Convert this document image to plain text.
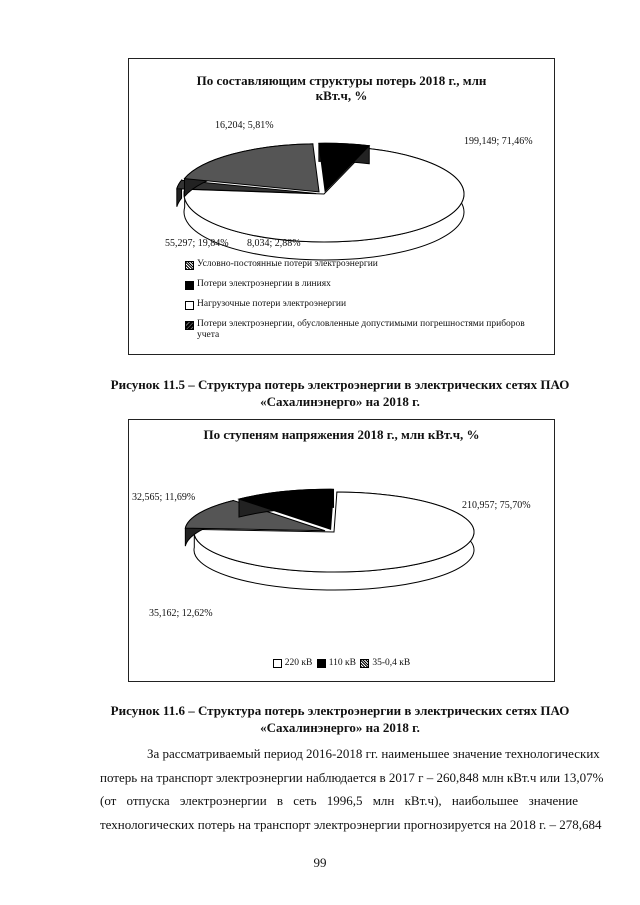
По составляющим структуры потерь 2018 г., млн кВт.ч, %
199,149; 71,46%
8,034; 2,88%
55,297; 19,84%
16,204; 5,81%
Условно-постоянные потери электроэнергии
Потери электроэнергии в линиях
Нагрузочные потери электроэнергии
Потери электроэнергии, обусловленные допустимыми погрешностями приборов учета
Рисунок 11.5 – Структура потерь электроэнергии в электрических сетях ПАО «Сахалинэнерго» на 2018 г.
По ступеням напряжения 2018 г., млн кВт.ч, %
210,957; 75,70%
35,162; 12,62%
32,565; 11,69%
220 кВ
110 кВ
35-0,4 кВ
Рисунок 11.6 – Структура потерь электроэнергии в электрических сетях ПАО «Сахалинэнерго» на 2018 г.
За рассматриваемый период 2016-2018 гг. наименьшее значение технологических
потерь на транспорт электроэнергии наблюдается в 2017 г – 260,848 млн кВт.ч или 13,07%
(от отпуска электроэнергии в сеть 1996,5 млн кВт.ч), наибольшее значение
технологических потерь на транспорт электроэнергии прогнозируется на 2018 г. – 278,684
99
